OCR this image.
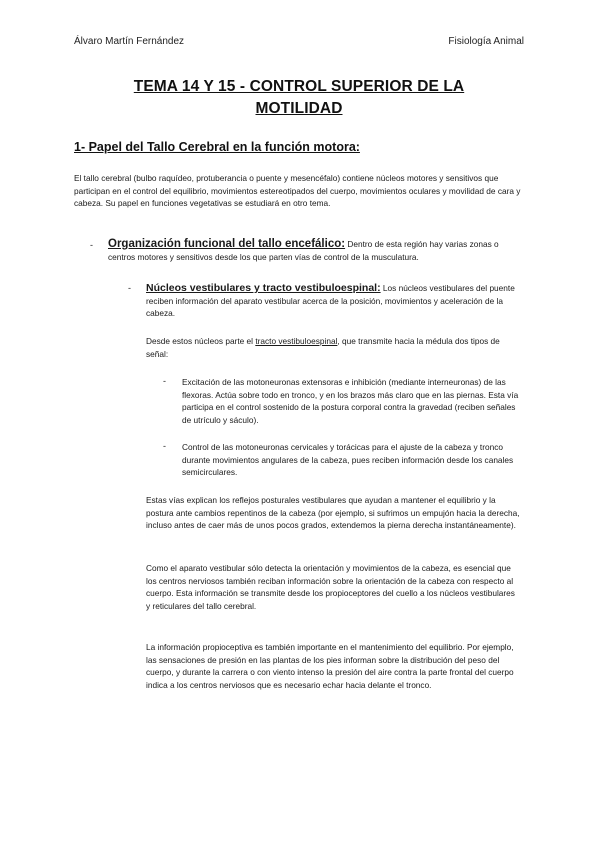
Álvaro Martín Fernández	Fisiología Animal
TEMA 14 Y 15 - CONTROL SUPERIOR DE LA
MOTILIDAD
1- Papel del Tallo Cerebral en la función motora:
El tallo cerebral (bulbo raquídeo, protuberancia o puente y mesencéfalo) contiene núcleos motores y sensitivos que participan en el control del equilibrio, movimientos estereotipados del cuerpo, movimientos oculares y movilidad de cara y cabeza. Su papel en funciones vegetativas se estudiará en otro tema.
- Organización funcional del tallo encefálico: Dentro de esta región hay varias zonas o centros motores y sensitivos desde los que parten vías de control de la musculatura.
- Núcleos vestibulares y tracto vestibuloespinal: Los núcleos vestibulares del puente reciben información del aparato vestibular acerca de la posición, movimientos y aceleración de la cabeza.
Desde estos núcleos parte el tracto vestibuloespinal, que transmite hacia la médula dos tipos de señal:
- Excitación de las motoneuronas extensoras e inhibición (mediante interneuronas) de las flexoras. Actúa sobre todo en tronco, y en los brazos más claro que en las piernas. Esta vía participa en el control sostenido de la postura corporal contra la gravedad (reciben señales de utrículo y sáculo).
- Control de las motoneuronas cervicales y torácicas para el ajuste de la cabeza y tronco durante movimientos angulares de la cabeza, pues reciben información desde los canales semicirculares.
Estas vías explican los reflejos posturales vestibulares que ayudan a mantener el equilibrio y la postura ante cambios repentinos de la cabeza (por ejemplo, si sufrimos un empujón hacia la derecha, incluso antes de caer más de unos pocos grados, extendemos la pierna derecha instantáneamente).
Como el aparato vestibular sólo detecta la orientación y movimientos de la cabeza, es esencial que los centros nerviosos también reciban información sobre la orientación de la cabeza con respecto al cuerpo. Esta información se transmite desde los propioceptores del cuello a los núcleos vestibulares y reticulares del tallo cerebral.
La información propioceptiva es también importante en el mantenimiento del equilibrio. Por ejemplo, las sensaciones de presión en las plantas de los pies informan sobre la distribución del peso del cuerpo, y durante la carrera o con viento intenso la presión del aire contra la parte frontal del cuerpo indica a los centros nerviosos que es necesario echar hacia delante el tronco.
